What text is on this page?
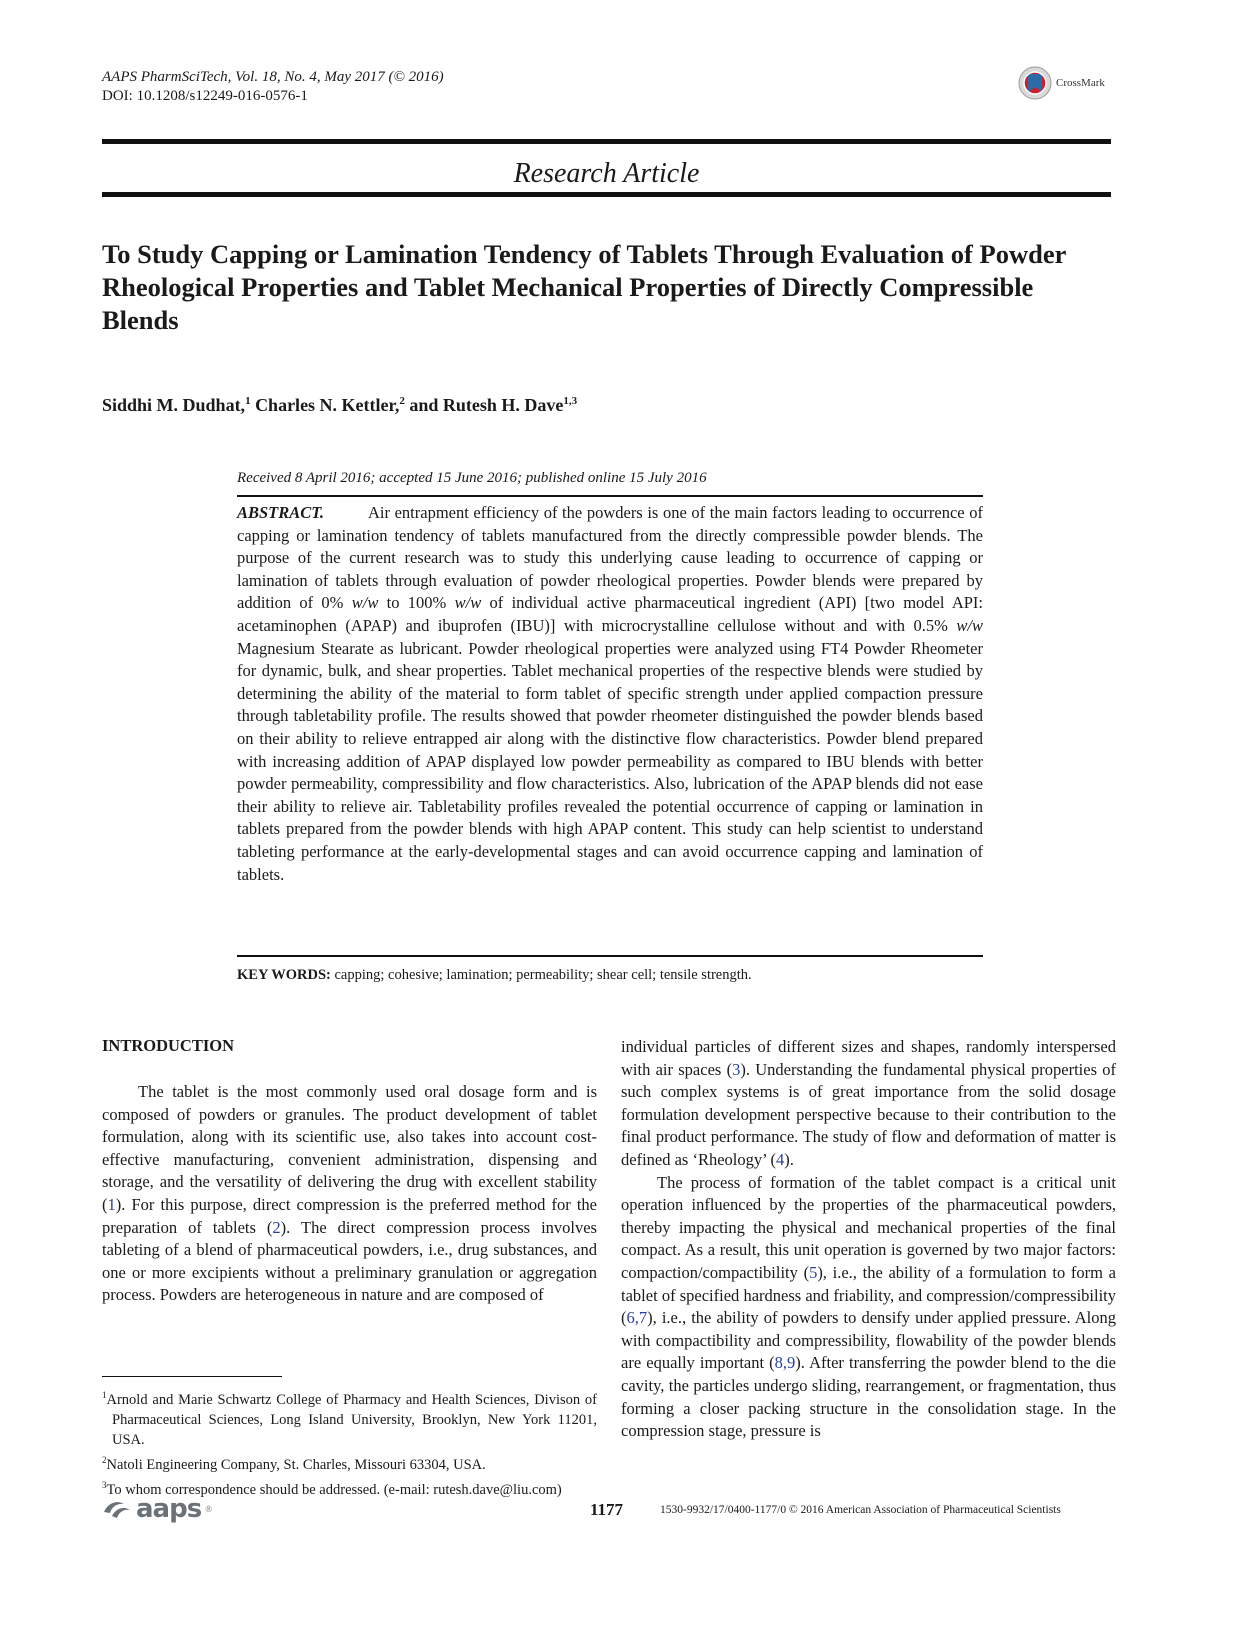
AAPS PharmSciTech, Vol. 18, No. 4, May 2017 (© 2016)
DOI: 10.1208/s12249-016-0576-1
CrossMark
Research Article
To Study Capping or Lamination Tendency of Tablets Through Evaluation of Powder Rheological Properties and Tablet Mechanical Properties of Directly Compressible Blends
Siddhi M. Dudhat,$^1$ Charles N. Kettler,$^2$ and Rutesh H. Dave$^{1,3}$
Received 8 April 2016; accepted 15 June 2016; published online 15 July 2016
ABSTRACT.	Air entrapment efficiency of the powders is one of the main factors leading to occurrence of capping or lamination tendency of tablets manufactured from the directly compressible powder blends. The purpose of the current research was to study this underlying cause leading to occurrence of capping or lamination of tablets through evaluation of powder rheological properties. Powder blends were prepared by addition of 0% w/w to 100% w/w of individual active pharmaceutical ingredient (API) [two model API: acetaminophen (APAP) and ibuprofen (IBU)] with microcrystalline cellulose without and with 0.5% w/w Magnesium Stearate as lubricant. Powder rheological properties were analyzed using FT4 Powder Rheometer for dynamic, bulk, and shear properties. Tablet mechanical properties of the respective blends were studied by determining the ability of the material to form tablet of specific strength under applied compaction pressure through tabletability profile. The results showed that powder rheometer distinguished the powder blends based on their ability to relieve entrapped air along with the distinctive flow characteristics. Powder blend prepared with increasing addition of APAP displayed low powder permeability as compared to IBU blends with better powder permeability, compressibility and flow characteristics. Also, lubrication of the APAP blends did not ease their ability to relieve air. Tabletability profiles revealed the potential occurrence of capping or lamination in tablets prepared from the powder blends with high APAP content. This study can help scientist to understand tableting performance at the early-developmental stages and can avoid occurrence capping and lamination of tablets.
KEY WORDS: capping; cohesive; lamination; permeability; shear cell; tensile strength.
INTRODUCTION

The tablet is the most commonly used oral dosage form and is composed of powders or granules. The product development of tablet formulation, along with its scientific use, also takes into account cost-effective manufacturing, convenient administration, dispensing and storage, and the versatility of delivering the drug with excellent stability (1). For this purpose, direct compression is the preferred method for the preparation of tablets (2). The direct compression process involves tableting of a blend of pharmaceutical powders, i.e., drug substances, and one or more excipients without a preliminary granulation or aggregation process. Powders are heterogeneous in nature and are composed of

$^1$Arnold and Marie Schwartz College of Pharmacy and Health Sciences, Divison of Pharmaceutical Sciences, Long Island University, Brooklyn, New York 11201, USA.

$^2$Natoli Engineering Company, St. Charles, Missouri 63304, USA.

$^3$To whom correspondence should be addressed. (e-mail: rutesh.dave@liu.com)

individual particles of different sizes and shapes, randomly interspersed with air spaces (3). Understanding the fundamental physical properties of such complex systems is of great importance from the solid dosage formulation development perspective because to their contribution to the final product performance. The study of flow and deformation of matter is defined as ‘Rheology’ (4).

The process of formation of the tablet compact is a critical unit operation influenced by the properties of the pharmaceutical powders, thereby impacting the physical and mechanical properties of the final compact. As a result, this unit operation is governed by two major factors: compaction/compactibility (5), i.e., the ability of a formulation to form a tablet of specified hardness and friability, and compression/compressibility (6,7), i.e., the ability of powders to densify under applied pressure. Along with compactibility and compressibility, flowability of the powder blends are equally important (8,9). After transferring the powder blend to the die cavity, the particles undergo sliding, rearrangement, or fragmentation, thus forming a closer packing structure in the consolidation stage. In the compression stage, pressure is

aaps ®	1177	1530-9932/17/0400-1177/0 © 2016 American Association of Pharmaceutical Scientists
